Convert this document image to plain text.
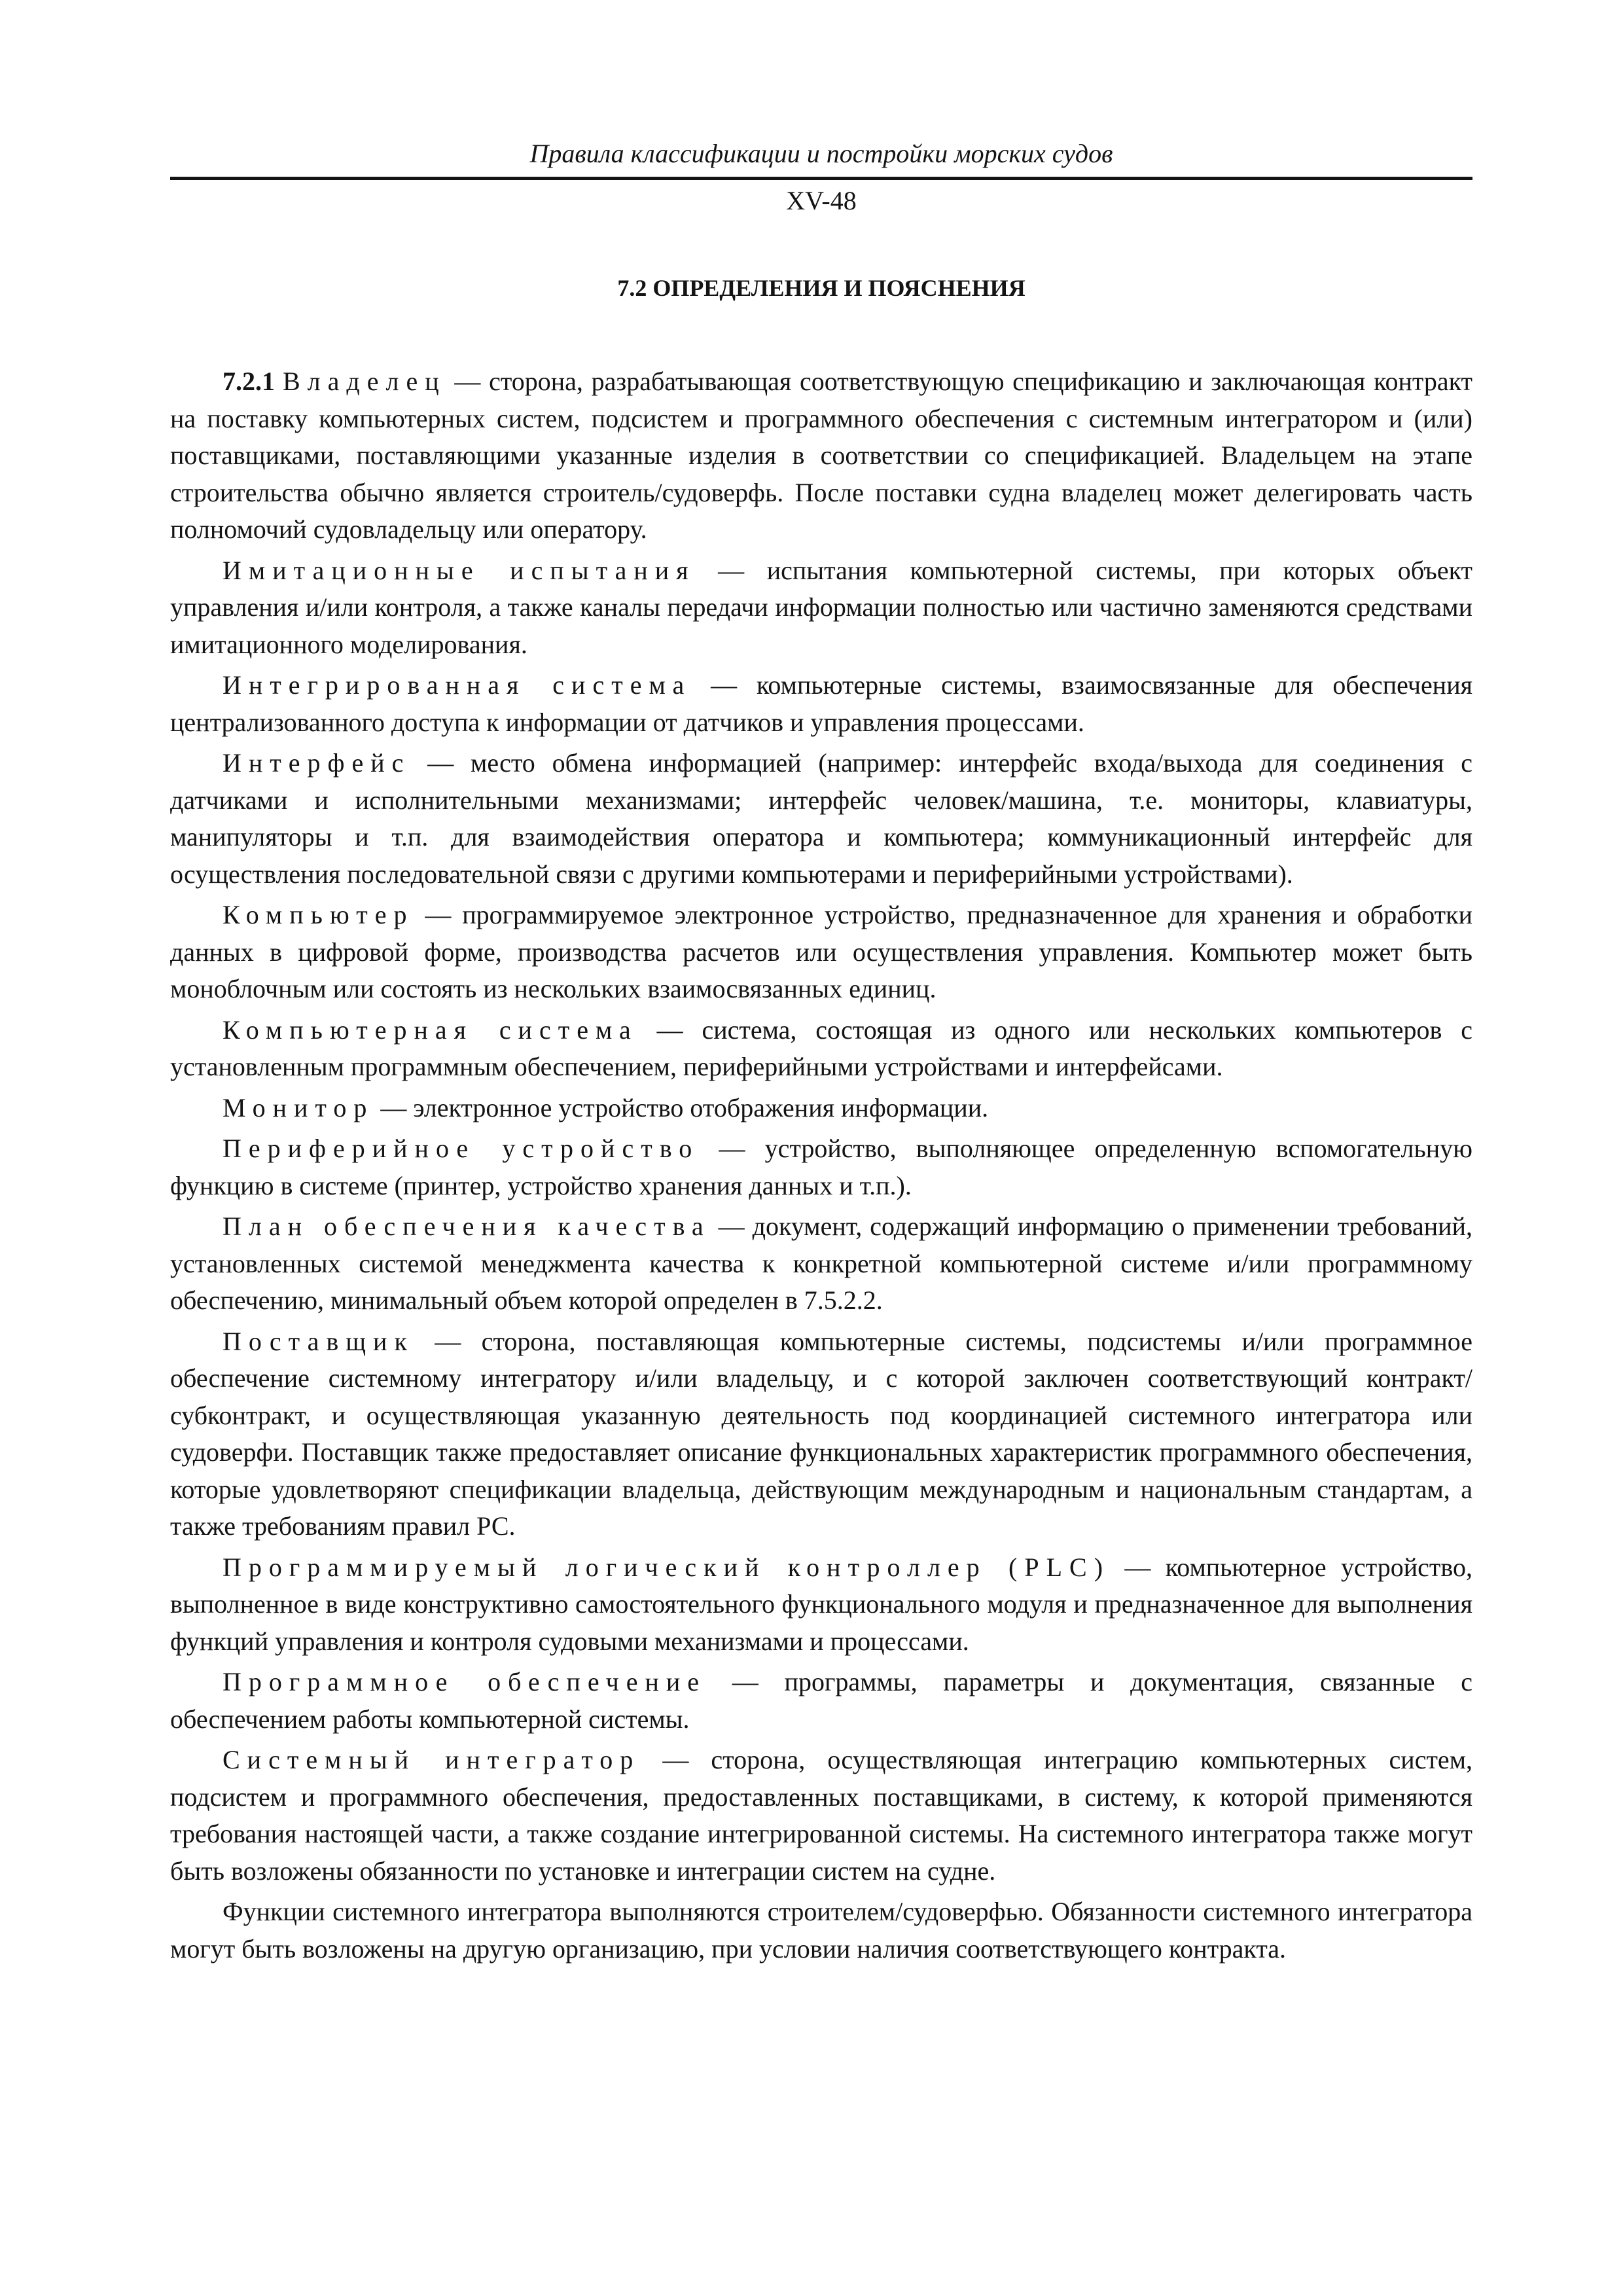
Правила классификации и постройки морских судов

XV-48

7.2 ОПРЕДЕЛЕНИЯ И ПОЯСНЕНИЯ

7.2.1 Владелец — сторона, разрабатывающая соответствующую спецификацию и заключающая контракт на поставку компьютерных систем, подсистем и программного обеспечения с системным интегратором и (или) поставщиками, поставляющими указанные изделия в соответствии со спецификацией. Владельцем на этапе строительства обычно является строитель/судоверфь. После поставки судна владелец может делегировать часть полномочий судовладельцу или оператору.

Имитационные испытания — испытания компьютерной системы, при которых объект управления и/или контроля, а также каналы передачи информации полностью или частично заменяются средствами имитационного моделирования.

Интегрированная система — компьютерные системы, взаимосвязанные для обеспечения централизованного доступа к информации от датчиков и управления процессами.

Интерфейс — место обмена информацией (например: интерфейс входа/выхода для соединения с датчиками и исполнительными механизмами; интерфейс человек/машина, т.е. мониторы, клавиатуры, манипуляторы и т.п. для взаимодействия оператора и компьютера; коммуникационный интерфейс для осуществления последовательной связи с другими компьютерами и периферийными устройствами).

Компьютер — программируемое электронное устройство, предназначенное для хранения и обработки данных в цифровой форме, производства расчетов или осуществления управления. Компьютер может быть моноблочным или состоять из нескольких взаимосвязанных единиц.

Компьютерная система — система, состоящая из одного или нескольких компьютеров с установленным программным обеспечением, периферийными устройствами и интерфейсами.

Монитор — электронное устройство отображения информации.

Периферийное устройство — устройство, выполняющее определенную вспомогательную функцию в системе (принтер, устройство хранения данных и т.п.).

План обеспечения качества — документ, содержащий информацию о применении требований, установленных системой менеджмента качества к конкретной компьютерной системе и/или программному обеспечению, минимальный объем которой определен в 7.5.2.2.

Поставщик — сторона, поставляющая компьютерные системы, подсистемы и/или программное обеспечение системному интегратору и/или владельцу, и с которой заключен соответствующий контракт/субконтракт, и осуществляющая указанную деятельность под координацией системного интегратора или судоверфи. Поставщик также предоставляет описание функциональных характеристик программного обеспечения, которые удовлетворяют спецификации владельца, действующим международным и национальным стандартам, а также требованиям правил РС.

Программируемый логический контроллер (PLC) — компьютерное устройство, выполненное в виде конструктивно самостоятельного функционального модуля и предназначенное для выполнения функций управления и контроля судовыми механизмами и процессами.

Программное обеспечение — программы, параметры и документация, связанные с обеспечением работы компьютерной системы.

Системный интегратор — сторона, осуществляющая интеграцию компьютерных систем, подсистем и программного обеспечения, предоставленных поставщиками, в систему, к которой применяются требования настоящей части, а также создание интегрированной системы. На системного интегратора также могут быть возложены обязанности по установке и интеграции систем на судне.

Функции системного интегратора выполняются строителем/судоверфью. Обязанности системного интегратора могут быть возложены на другую организацию, при условии наличия соответствующего контракта.
